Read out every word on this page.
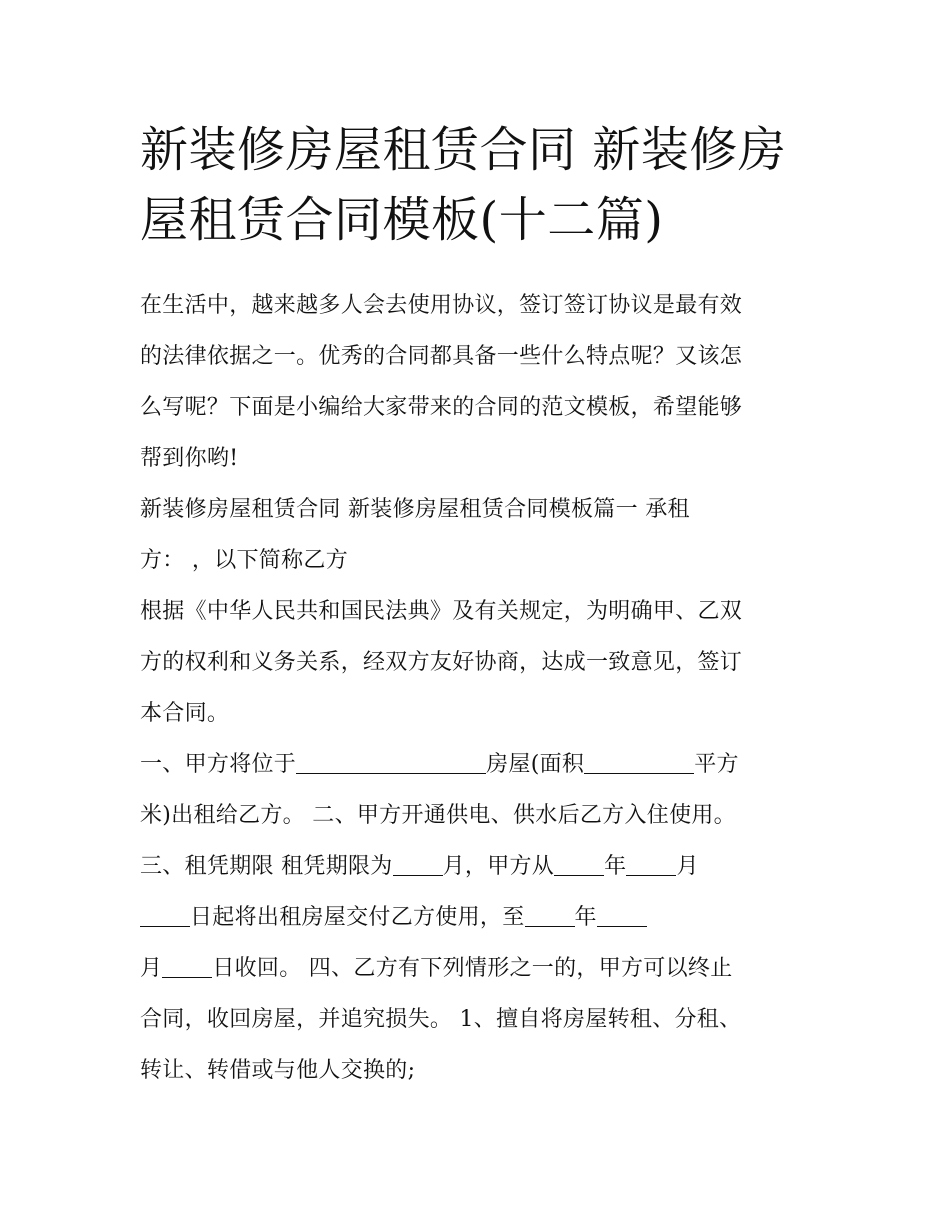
新装修房屋租赁合同 新装修房
屋租赁合同模板(十二篇)
在生活中，越来越多人会去使用协议，签订签订协议是最有效
的法律依据之一。优秀的合同都具备一些什么特点呢？又该怎
么写呢？下面是小编给大家带来的合同的范文模板，希望能够
帮到你哟!
新装修房屋租赁合同 新装修房屋租赁合同模板篇一 承租
方： ，以下简称乙方
根据《中华人民共和国民法典》及有关规定，为明确甲、乙双
方的权利和义务关系，经双方友好协商，达成一致意见，签订
本合同。
一、甲方将位于	房屋(面积	平方
米)出租给乙方。 二、甲方开通供电、供水后乙方入住使用。
三、租凭期限 租凭期限为 月，甲方从 年 月
日起将出租房屋交付乙方使用，至 年
月 日收回。 四、乙方有下列情形之一的，甲方可以终止
合同，收回房屋，并追究损失。 1、擅自将房屋转租、分租、
转让、转借或与他人交换的;
